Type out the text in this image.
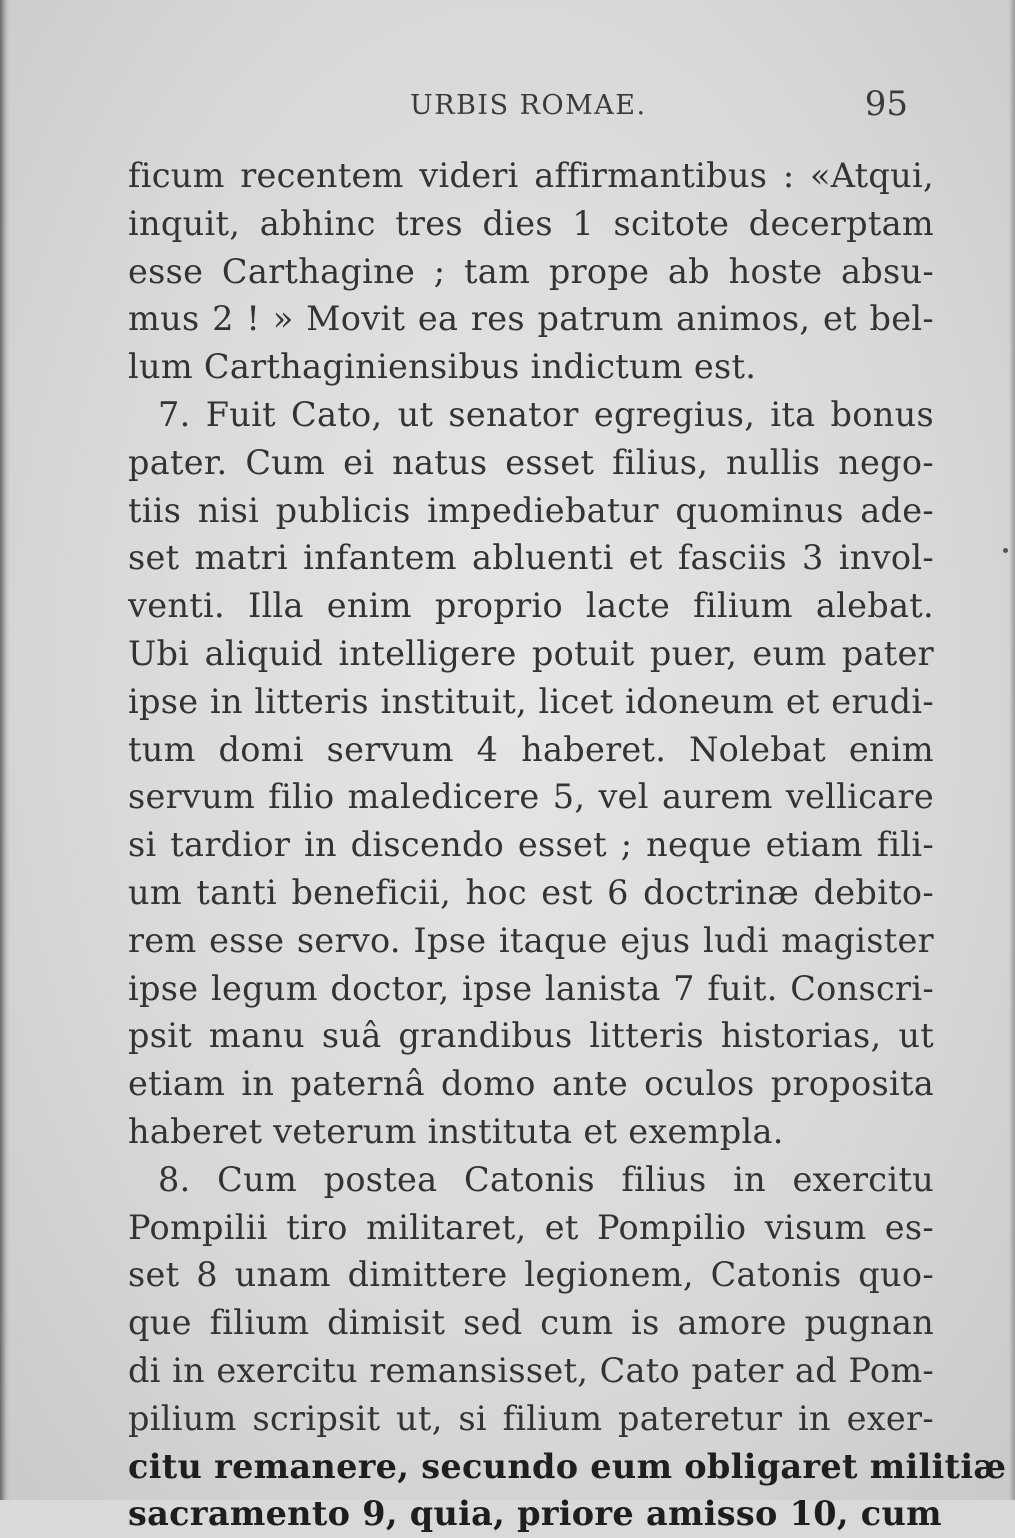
URBIS ROMAE.	95
ficum recentem videri affirmantibus : «Atqui,
inquit, abhinc tres dies 1 scitote decerptam
esse Carthagine ; tam prope ab hoste absu-
mus 2 ! » Movit ea res patrum animos, et bel-
lum Carthaginiensibus indictum est.
7. Fuit Cato, ut senator egregius, ita bonus
pater. Cum ei natus esset filius, nullis nego-
tiis nisi publicis impediebatur quominus ade-
set matri infantem abluenti et fasciis 3 invol-
venti. Illa enim proprio lacte filium alebat.
Ubi aliquid intelligere potuit puer, eum pater
ipse in litteris instituit, licet idoneum et erudi-
tum domi servum 4 haberet. Nolebat enim
servum filio maledicere 5, vel aurem vellicare
si tardior in discendo esset ; neque etiam fili-
um tanti beneficii, hoc est 6 doctrinæ debito-
rem esse servo. Ipse itaque ejus ludi magister
ipse legum doctor, ipse lanista 7 fuit. Conscri-
psit manu suâ grandibus litteris historias, ut
etiam in paternâ domo ante oculos proposita
haberet veterum instituta et exempla.
8. Cum postea Catonis filius in exercitu
Pompilii tiro militaret, et Pompilio visum es-
set 8 unam dimittere legionem, Catonis quo-
que filium dimisit sed cum is amore pugnan
di in exercitu remansisset, Cato pater ad Pom-
pilium scripsit ut, si filium pateretur in exer-
citu remanere, secundo eum obligaret militiæ
sacramento 9, quia, priore amisso 10, cum
